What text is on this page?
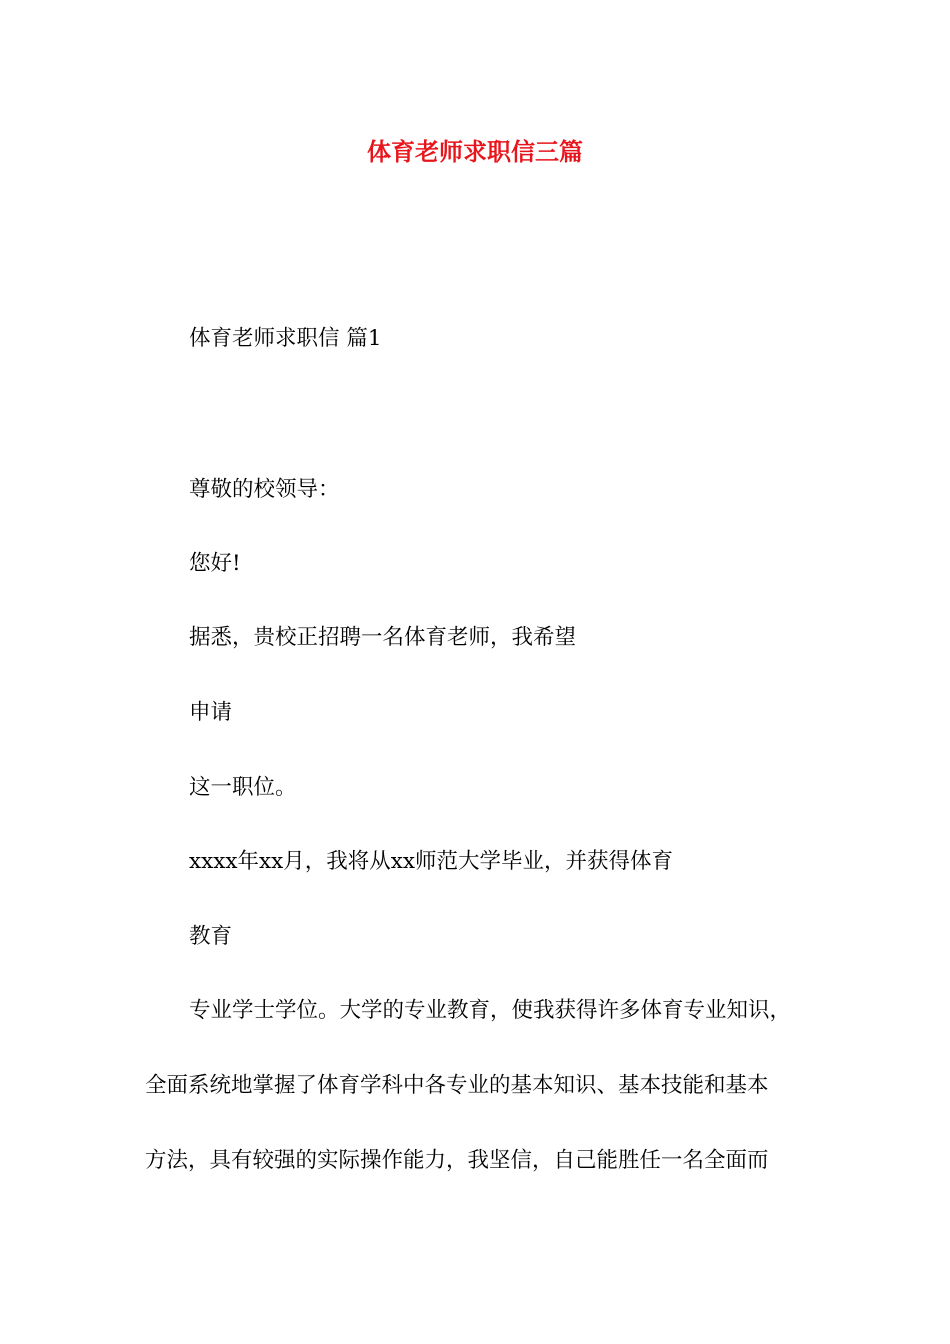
体育老师求职信三篇
体育老师求职信 篇1
尊敬的校领导：
您好!
据悉，贵校正招聘一名体育老师，我希望
申请
这一职位。
xxxx年xx月，我将从xx师范大学毕业，并获得体育
教育
专业学士学位。大学的专业教育，使我获得许多体育专业知识，
全面系统地掌握了体育学科中各专业的基本知识、基本技能和基本
方法，具有较强的实际操作能力，我坚信，自己能胜任一名全面而
